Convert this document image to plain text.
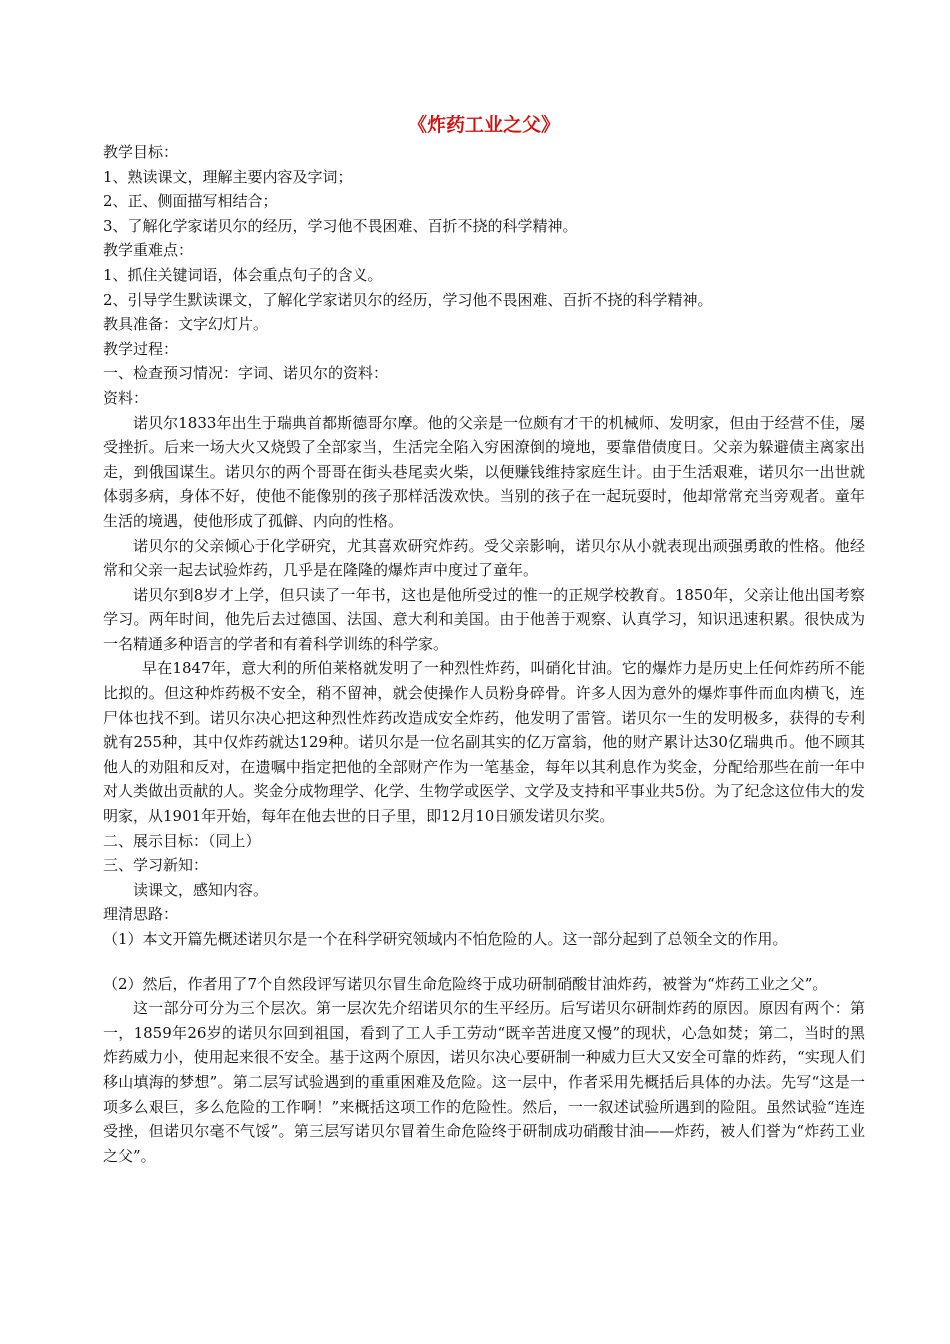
《炸药工业之父》

教学目标：

1、熟读课文，理解主要内容及字词；

2、正、侧面描写相结合；

3、了解化学家诺贝尔的经历，学习他不畏困难、百折不挠的科学精神。

教学重难点：

1、抓住关键词语，体会重点句子的含义。

2、引导学生默读课文，了解化学家诺贝尔的经历，学习他不畏困难、百折不挠的科学精神。

教具准备：文字幻灯片。

教学过程：

一、检查预习情况：字词、诺贝尔的资料：

资料：

诺贝尔1833年出生于瑞典首都斯德哥尔摩。他的父亲是一位颇有才干的机械师、发明家，但由于经营不佳，屡受挫折。后来一场大火又烧毁了全部家当，生活完全陷入穷困潦倒的境地，要靠借债度日。父亲为躲避债主离家出走，到俄国谋生。诺贝尔的两个哥哥在街头巷尾卖火柴，以便赚钱维持家庭生计。由于生活艰难，诺贝尔一出世就体弱多病，身体不好，使他不能像别的孩子那样活泼欢快。当别的孩子在一起玩耍时，他却常常充当旁观者。童年生活的境遇，使他形成了孤僻、内向的性格。

诺贝尔的父亲倾心于化学研究，尤其喜欢研究炸药。受父亲影响，诺贝尔从小就表现出顽强勇敢的性格。他经常和父亲一起去试验炸药，几乎是在隆隆的爆炸声中度过了童年。

诺贝尔到8岁才上学，但只读了一年书，这也是他所受过的惟一的正规学校教育。1850年，父亲让他出国考察学习。两年时间，他先后去过德国、法国、意大利和美国。由于他善于观察、认真学习，知识迅速积累。很快成为一名精通多种语言的学者和有着科学训练的科学家。

早在1847年，意大利的所伯莱格就发明了一种烈性炸药，叫硝化甘油。它的爆炸力是历史上任何炸药所不能比拟的。但这种炸药极不安全，稍不留神，就会使操作人员粉身碎骨。许多人因为意外的爆炸事件而血肉横飞，连尸体也找不到。诺贝尔决心把这种烈性炸药改造成安全炸药，他发明了雷管。诺贝尔一生的发明极多，获得的专利就有255种，其中仅炸药就达129种。诺贝尔是一位名副其实的亿万富翁，他的财产累计达30亿瑞典币。他不顾其他人的劝阻和反对，在遗嘱中指定把他的全部财产作为一笔基金，每年以其利息作为奖金，分配给那些在前一年中对人类做出贡献的人。奖金分成物理学、化学、生物学或医学、文学及支持和平事业共5份。为了纪念这位伟大的发明家，从1901年开始，每年在他去世的日子里，即12月10日颁发诺贝尔奖。

二、展示目标：（同上）

三、学习新知：

读课文，感知内容。

理清思路：

（1）本文开篇先概述诺贝尔是一个在科学研究领域内不怕危险的人。这一部分起到了总领全文的作用。

（2）然后，作者用了7个自然段评写诺贝尔冒生命危险终于成功研制硝酸甘油炸药，被誉为“炸药工业之父”。

这一部分可分为三个层次。第一层次先介绍诺贝尔的生平经历。后写诺贝尔研制炸药的原因。原因有两个：第一，1859年26岁的诺贝尔回到祖国，看到了工人手工劳动“既辛苦进度又慢”的现状，心急如焚；第二，当时的黑炸药威力小，使用起来很不安全。基于这两个原因，诺贝尔决心要研制一种威力巨大又安全可靠的炸药，“实现人们移山填海的梦想”。第二层写试验遇到的重重困难及危险。这一层中，作者采用先概括后具体的办法。先写“这是一项多么艰巨，多么危险的工作啊！”来概括这项工作的危险性。然后，一一叙述试验所遇到的险阻。虽然试验“连连受挫，但诺贝尔毫不气馁”。第三层写诺贝尔冒着生命危险终于研制成功硝酸甘油——炸药，被人们誉为“炸药工业之父”。
